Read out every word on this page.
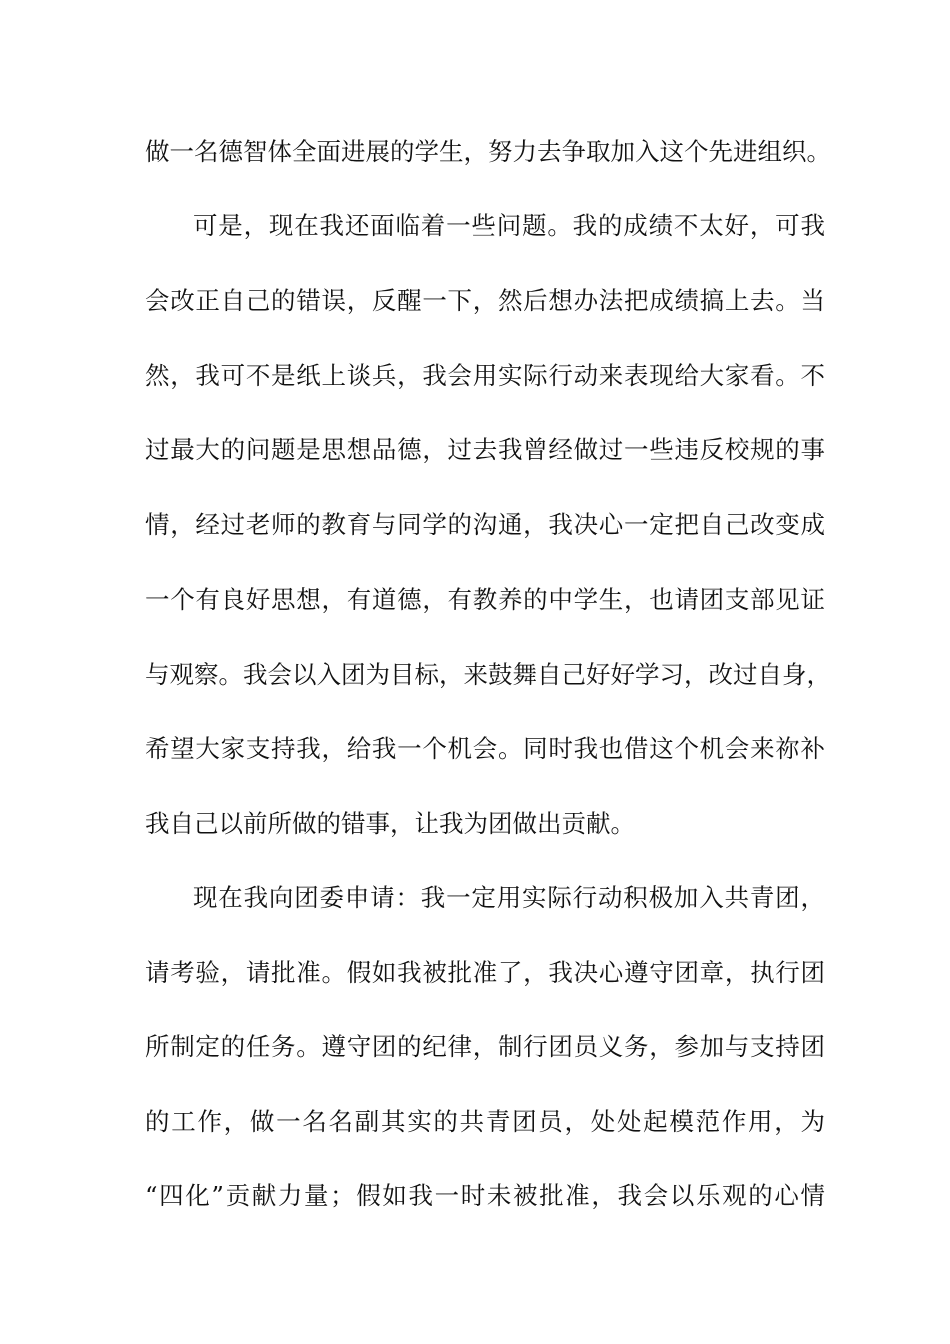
做一名德智体全面进展的学生，努力去争取加入这个先进组织。
可是，现在我还面临着一些问题。我的成绩不太好，可我
会改正自己的错误，反醒一下，然后想办法把成绩搞上去。当
然，我可不是纸上谈兵，我会用实际行动来表现给大家看。不
过最大的问题是思想品德，过去我曾经做过一些违反校规的事
情，经过老师的教育与同学的沟通，我决心一定把自己改变成
一个有良好思想，有道德，有教养的中学生，也请团支部见证
与观察。我会以入团为目标，来鼓舞自己好好学习，改过自身，
希望大家支持我，给我一个机会。同时我也借这个机会来祢补
我自己以前所做的错事，让我为团做出贡献。
现在我向团委申请：我一定用实际行动积极加入共青团，
请考验，请批准。假如我被批准了，我决心遵守团章，执行团
所制定的任务。遵守团的纪律，制行团员义务，参加与支持团
的工作，做一名名副其实的共青团员，处处起模范作用，为
“四化”贡献力量；假如我一时未被批准，我会以乐观的心情
